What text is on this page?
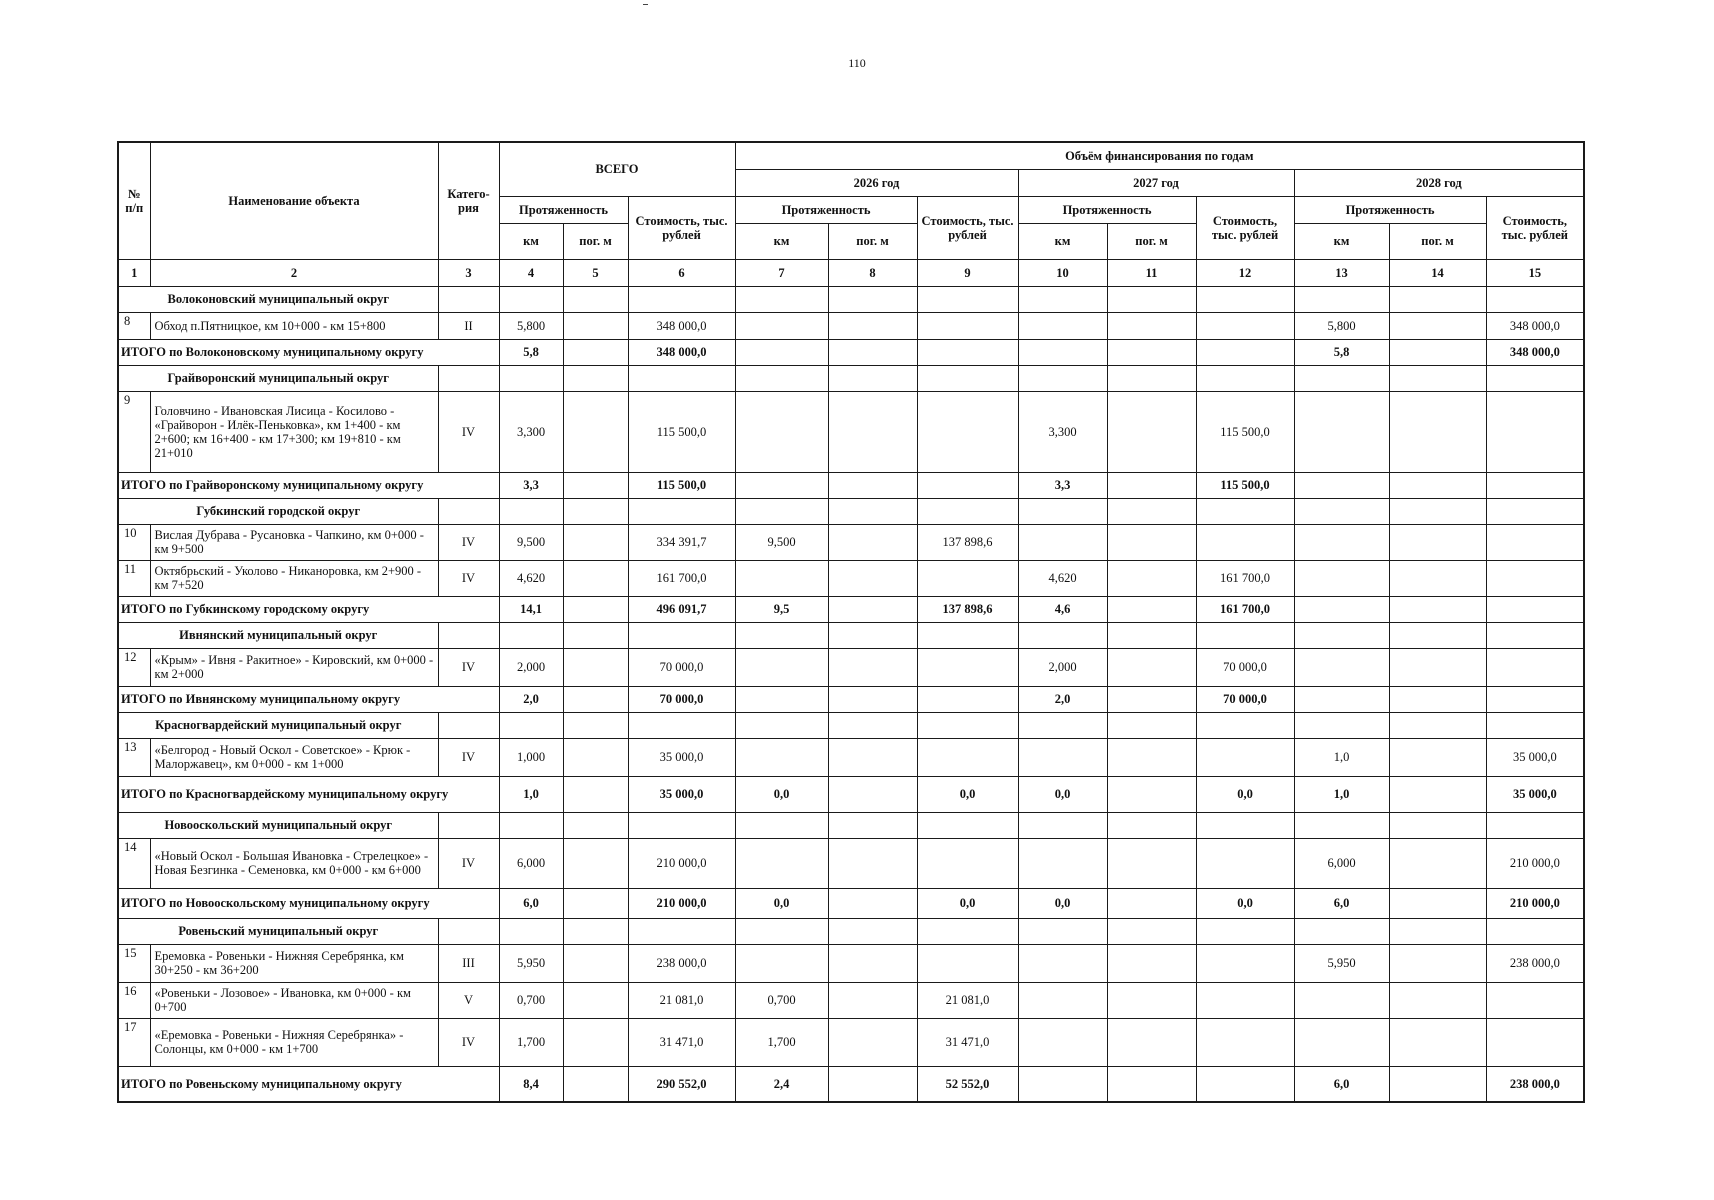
110
№ п/п	Наименование объекта	Катего-рия	ВСЕГО			Объём финансирования по годам								
						2026 год			2027 год			2028 год		
			Протяженность		Стоимость, тыс. рублей	Протяженность		Стоимость, тыс. рублей	Протяженность		Стоимость, тыс. рублей	Протяженность		Стоимость, тыс. рублей
			км	пог. м		км	пог. м		км	пог. м		км	пог. м	
1	2	3	4	5	6	7	8	9	10	11	12	13	14	15
Волоконовский муниципальный округ														
8	Обход п.Пятницкое, км 10+000 - км 15+800	II	5,800		348 000,0							5,800		348 000,0
ИТОГО по Волоконовскому муниципальному округу			5,8		348 000,0							5,8		348 000,0
Грайворонский муниципальный округ														
9	Головчино - Ивановская Лисица - Косилово - «Грайворон - Илёк-Пеньковка», км 1+400 - км 2+600; км 16+400 - км 17+300; км 19+810 - км 21+010	IV	3,300		115 500,0				3,300		115 500,0			
ИТОГО по Грайворонскому муниципальному округу			3,3		115 500,0				3,3		115 500,0			
Губкинский городской округ														
10	Вислая Дубрава - Русановка - Чапкино, км 0+000 - км 9+500	IV	9,500		334 391,7	9,500		137 898,6						
11	Октябрьский - Уколово - Никаноровка, км 2+900 - км 7+520	IV	4,620		161 700,0				4,620		161 700,0			
ИТОГО по Губкинскому городскому округу			14,1		496 091,7	9,5		137 898,6	4,6		161 700,0			
Ивнянский муниципальный округ														
12	«Крым» - Ивня - Ракитное» - Кировский, км 0+000 - км 2+000	IV	2,000		70 000,0				2,000		70 000,0			
ИТОГО по Ивнянскому муниципальному округу			2,0		70 000,0				2,0		70 000,0			
Красногвардейский муниципальный округ														
13	«Белгород - Новый Оскол - Советское» - Крюк - Малоржавец», км 0+000 - км 1+000	IV	1,000		35 000,0							1,0		35 000,0
ИТОГО по Красногвардейскому муниципальному округу			1,0		35 000,0	0,0		0,0	0,0		0,0	1,0		35 000,0
Новооскольский муниципальный округ														
14	«Новый Оскол - Большая Ивановка - Стрелецкое» - Новая Безгинка - Семеновка, км 0+000 - км 6+000	IV	6,000		210 000,0							6,000		210 000,0
ИТОГО по Новооскольскому муниципальному округу			6,0		210 000,0	0,0		0,0	0,0		0,0	6,0		210 000,0
Ровеньский муниципальный округ														
15	Еремовка - Ровеньки - Нижняя Серебрянка, км 30+250 - км 36+200	III	5,950		238 000,0							5,950		238 000,0
16	«Ровеньки - Лозовое» - Ивановка, км 0+000 - км 0+700	V	0,700		21 081,0	0,700		21 081,0						
17	«Еремовка - Ровеньки - Нижняя Серебрянка» - Солонцы, км 0+000 - км 1+700	IV	1,700		31 471,0	1,700		31 471,0						
ИТОГО по Ровеньскому муниципальному округу			8,4		290 552,0	2,4		52 552,0				6,0		238 000,0
